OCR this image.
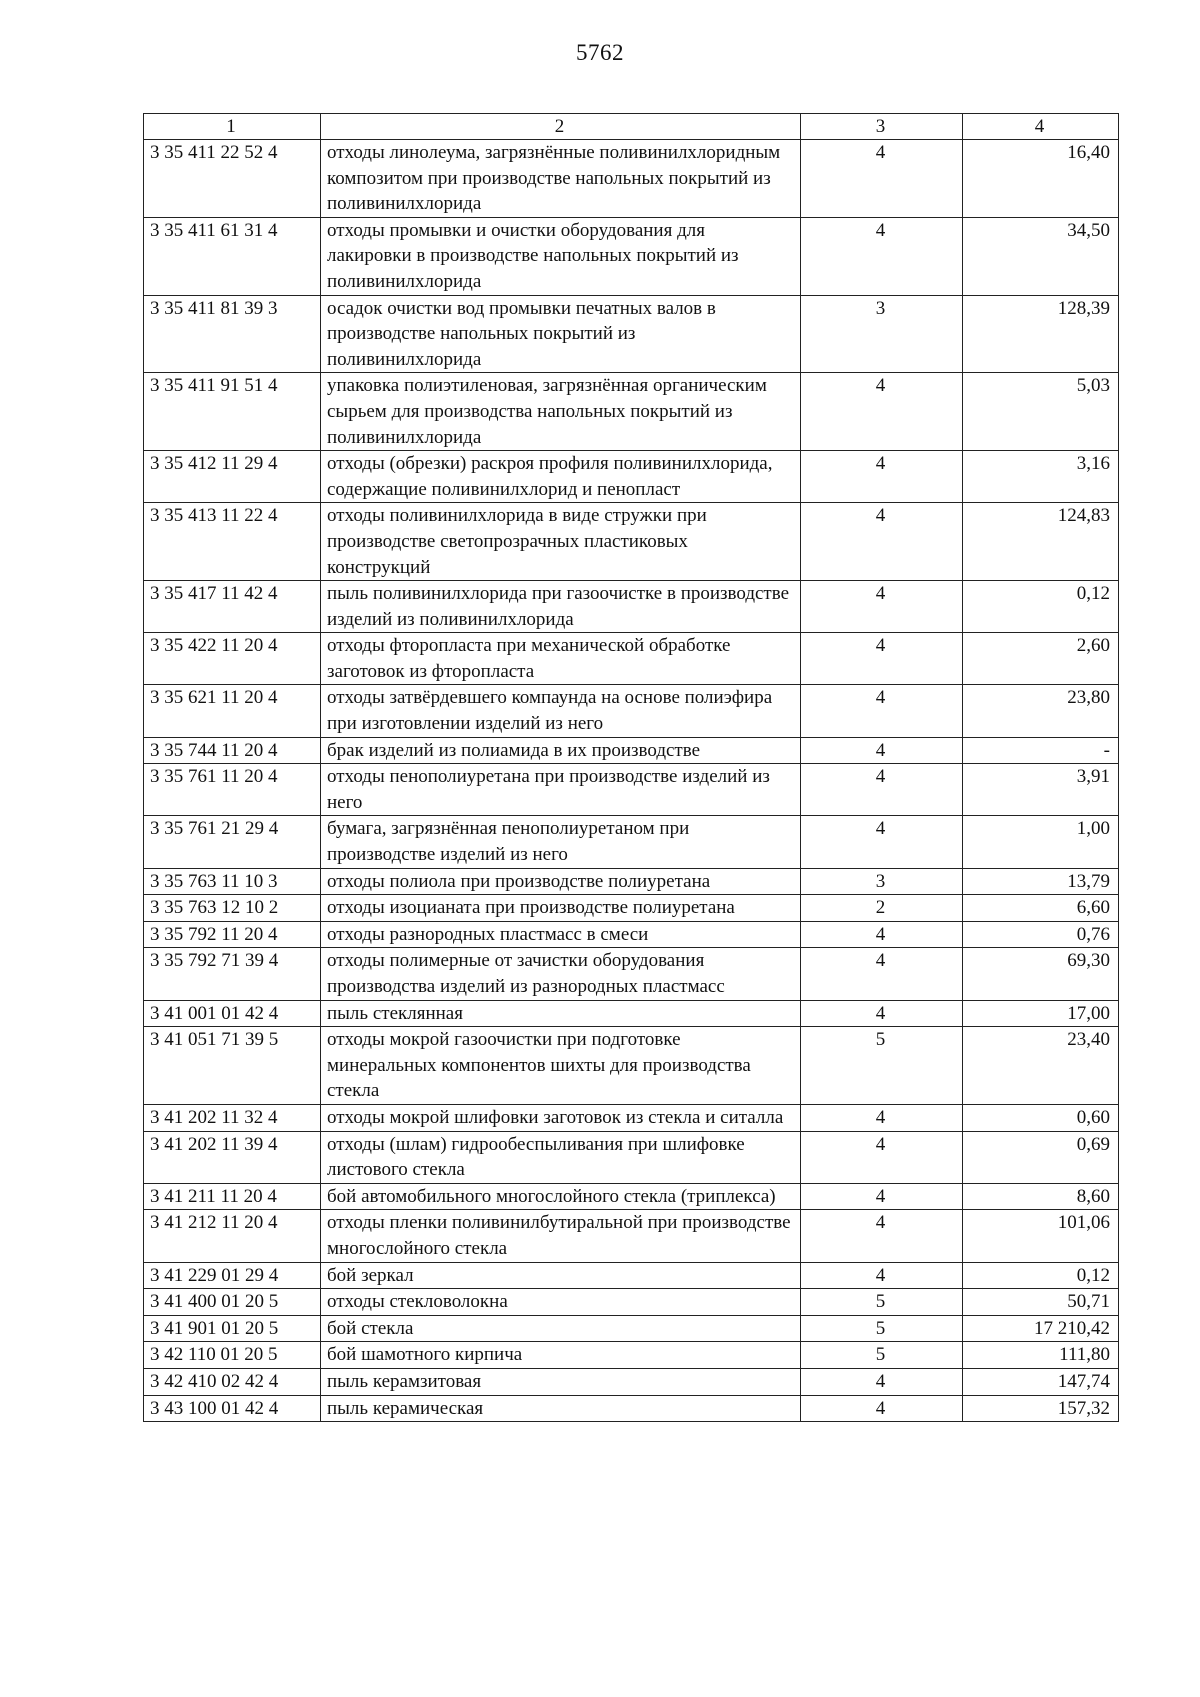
5762
1	2	3	4
3 35 411 22 52 4	отходы линолеума, загрязнённые поливинилхлоридным композитом при производстве напольных покрытий из поливинилхлорида	4	16,40
3 35 411 61 31 4	отходы промывки и очистки оборудования для лакировки в производстве напольных покрытий из поливинилхлорида	4	34,50
3 35 411 81 39 3	осадок очистки вод промывки печатных валов в производстве напольных покрытий из поливинилхлорида	3	128,39
3 35 411 91 51 4	упаковка полиэтиленовая, загрязнённая органическим сырьем для производства напольных покрытий из поливинилхлорида	4	5,03
3 35 412 11 29 4	отходы (обрезки) раскроя профиля поливинилхлорида, содержащие поливинилхлорид и пенопласт	4	3,16
3 35 413 11 22 4	отходы поливинилхлорида в виде стружки при производстве светопрозрачных пластиковых конструкций	4	124,83
3 35 417 11 42 4	пыль поливинилхлорида при газоочистке в производстве изделий из поливинилхлорида	4	0,12
3 35 422 11 20 4	отходы фторопласта при механической обработке заготовок из фторопласта	4	2,60
3 35 621 11 20 4	отходы затвёрдевшего компаунда на основе полиэфира при изготовлении изделий из него	4	23,80
3 35 744 11 20 4	брак изделий из полиамида в их производстве	4	-
3 35 761 11 20 4	отходы пенополиуретана при производстве изделий из него	4	3,91
3 35 761 21 29 4	бумага, загрязнённая пенополиуретаном при производстве изделий из него	4	1,00
3 35 763 11 10 3	отходы полиола при производстве полиуретана	3	13,79
3 35 763 12 10 2	отходы изоцианата при производстве полиуретана	2	6,60
3 35 792 11 20 4	отходы разнородных пластмасс в смеси	4	0,76
3 35 792 71 39 4	отходы полимерные от зачистки оборудования производства изделий из разнородных пластмасс	4	69,30
3 41 001 01 42 4	пыль стеклянная	4	17,00
3 41 051 71 39 5	отходы мокрой газоочистки при подготовке минеральных компонентов шихты для производства стекла	5	23,40
3 41 202 11 32 4	отходы мокрой шлифовки заготовок из стекла и ситалла	4	0,60
3 41 202 11 39 4	отходы (шлам) гидрообеспыливания при шлифовке листового стекла	4	0,69
3 41 211 11 20 4	бой автомобильного многослойного стекла (триплекса)	4	8,60
3 41 212 11 20 4	отходы пленки поливинилбутиральной при производстве многослойного стекла	4	101,06
3 41 229 01 29 4	бой зеркал	4	0,12
3 41 400 01 20 5	отходы стекловолокна	5	50,71
3 41 901 01 20 5	бой стекла	5	17 210,42
3 42 110 01 20 5	бой шамотного кирпича	5	111,80
3 42 410 02 42 4	пыль керамзитовая	4	147,74
3 43 100 01 42 4	пыль керамическая	4	157,32
